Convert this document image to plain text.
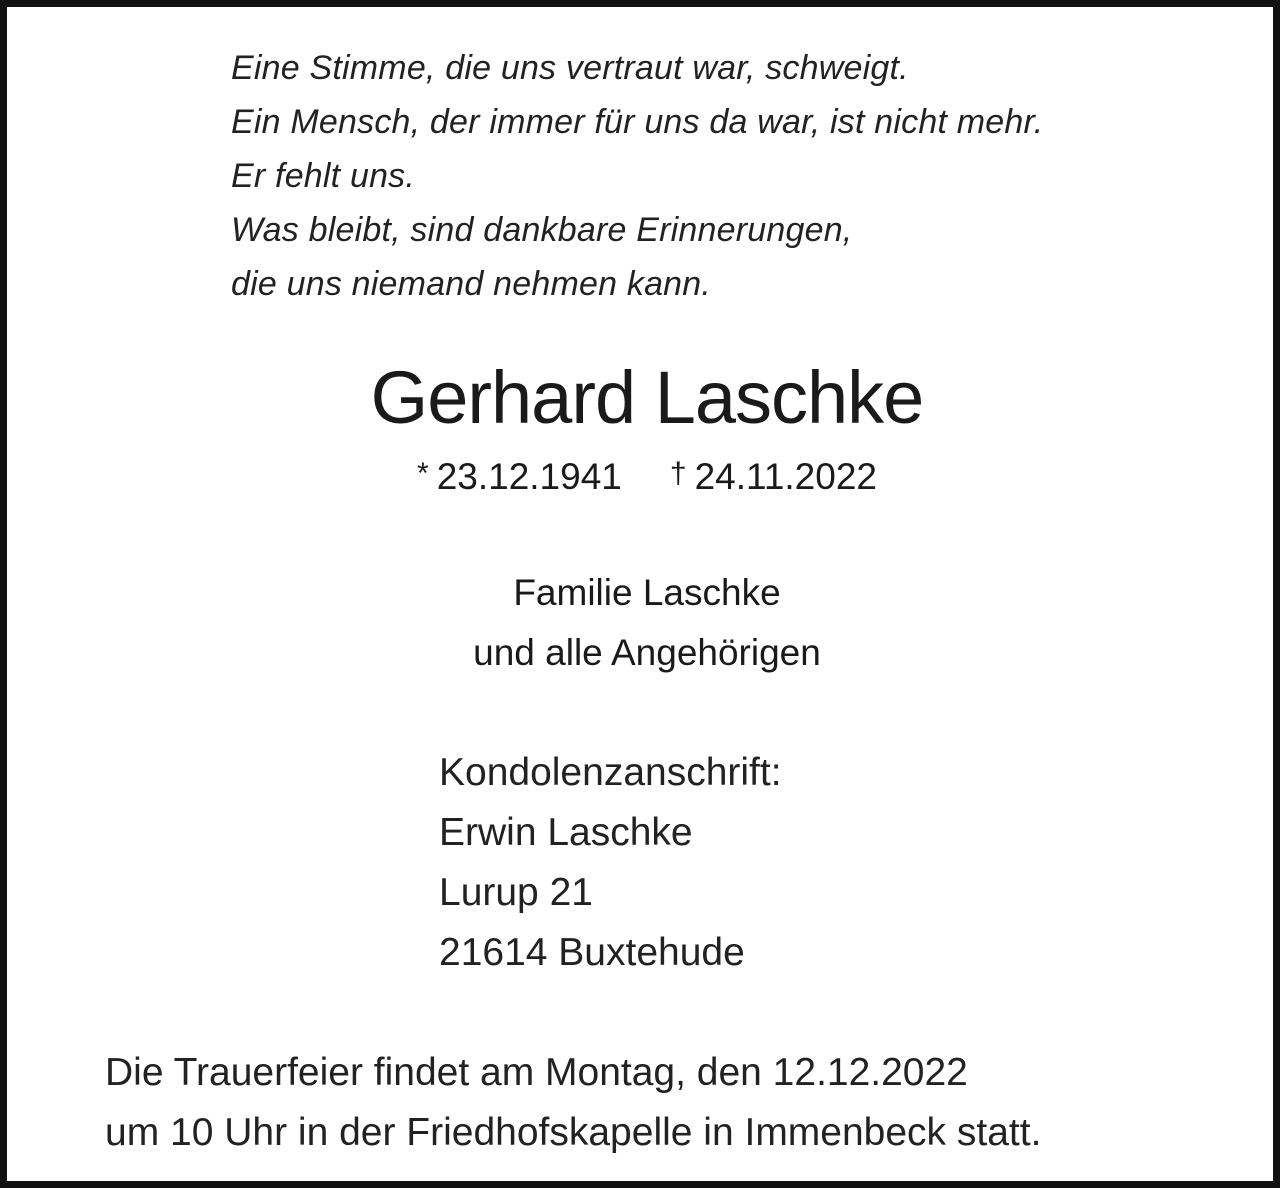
Eine Stimme, die uns vertraut war, schweigt.
Ein Mensch, der immer für uns da war, ist nicht mehr.
Er fehlt uns.
Was bleibt, sind dankbare Erinnerungen,
die uns niemand nehmen kann.
Gerhard Laschke
* 23.12.1941 † 24.11.2022
Familie Laschke
und alle Angehörigen
Kondolenzanschrift:
Erwin Laschke
Lurup 21
21614 Buxtehude
Die Trauerfeier findet am Montag, den 12.12.2022
um 10 Uhr in der Friedhofskapelle in Immenbeck statt.
